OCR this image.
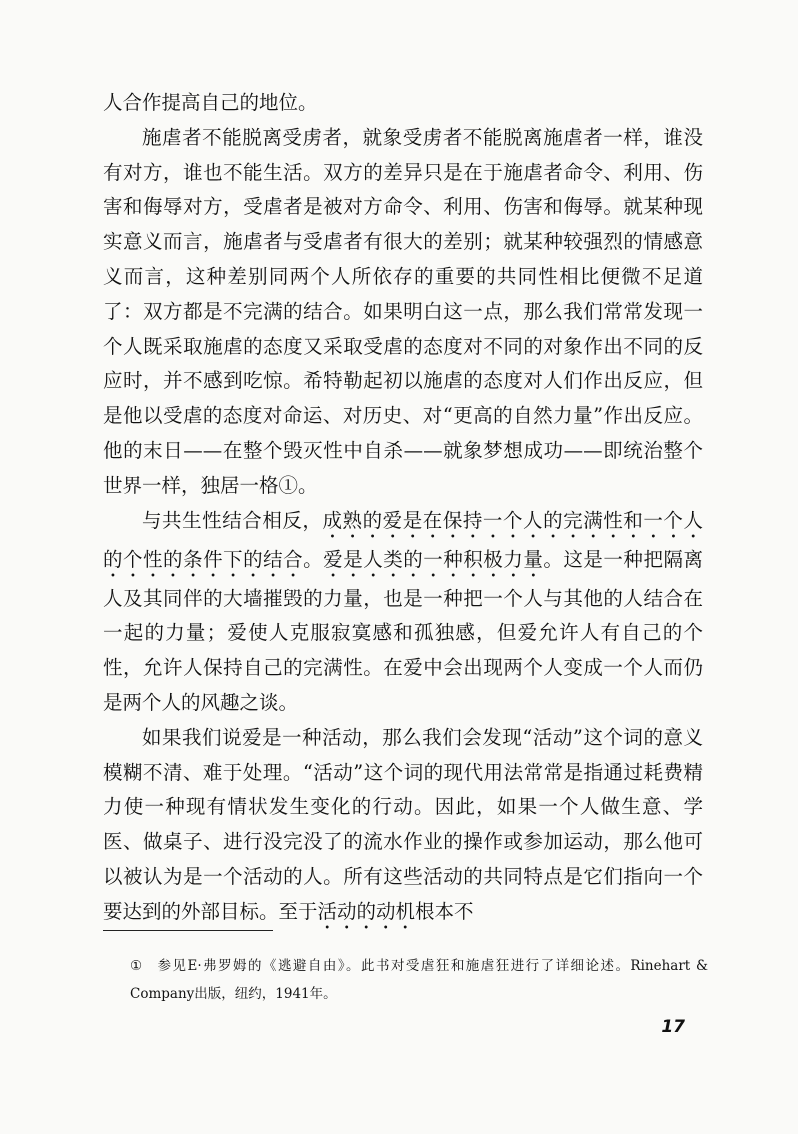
人合作提高自己的地位。

施虐者不能脱离受虏者，就象受虏者不能脱离施虐者一样，谁没有对方，谁也不能生活。双方的差异只是在于施虐者命令、利用、伤害和侮辱对方，受虐者是被对方命令、利用、伤害和侮辱。就某种现实意义而言，施虐者与受虐者有很大的差别；就某种较强烈的情感意义而言，这种差别同两个人所依存的重要的共同性相比便微不足道了：双方都是不完满的结合。如果明白这一点，那么我们常常发现一个人既采取施虐的态度又采取受虐的态度对不同的对象作出不同的反应时，并不感到吃惊。希特勒起初以施虐的态度对人们作出反应，但是他以受虐的态度对命运、对历史、对“更高的自然力量”作出反应。他的末日——在整个毁灭性中自杀——就象梦想成功——即统治整个世界一样，独居一格①。

与共生性结合相反，成熟的爱是在保持一个人的完满性和一个人的个性的条件下的结合。爱是人类的一种积极力量。这是一种把隔离人及其同伴的大墙摧毁的力量，也是一种把一个人与其他的人结合在一起的力量；爱使人克服寂寞感和孤独感，但爱允许人有自己的个性，允许人保持自己的完满性。在爱中会出现两个人变成一个人而仍是两个人的风趣之谈。

如果我们说爱是一种活动，那么我们会发现“活动”这个词的意义模糊不清、难于处理。“活动”这个词的现代用法常常是指通过耗费精力使一种现有情状发生变化的行动。因此，如果一个人做生意、学医、做桌子、进行没完没了的流水作业的操作或参加运动，那么他可以被认为是一个活动的人。所有这些活动的共同特点是它们指向一个要达到的外部目标。至于活动的动机根本不

① 参见E·弗罗姆的《逃避自由》。此书对受虐狂和施虐狂进行了详细论述。Rinehart & Company出版，纽约，1941年。
17
